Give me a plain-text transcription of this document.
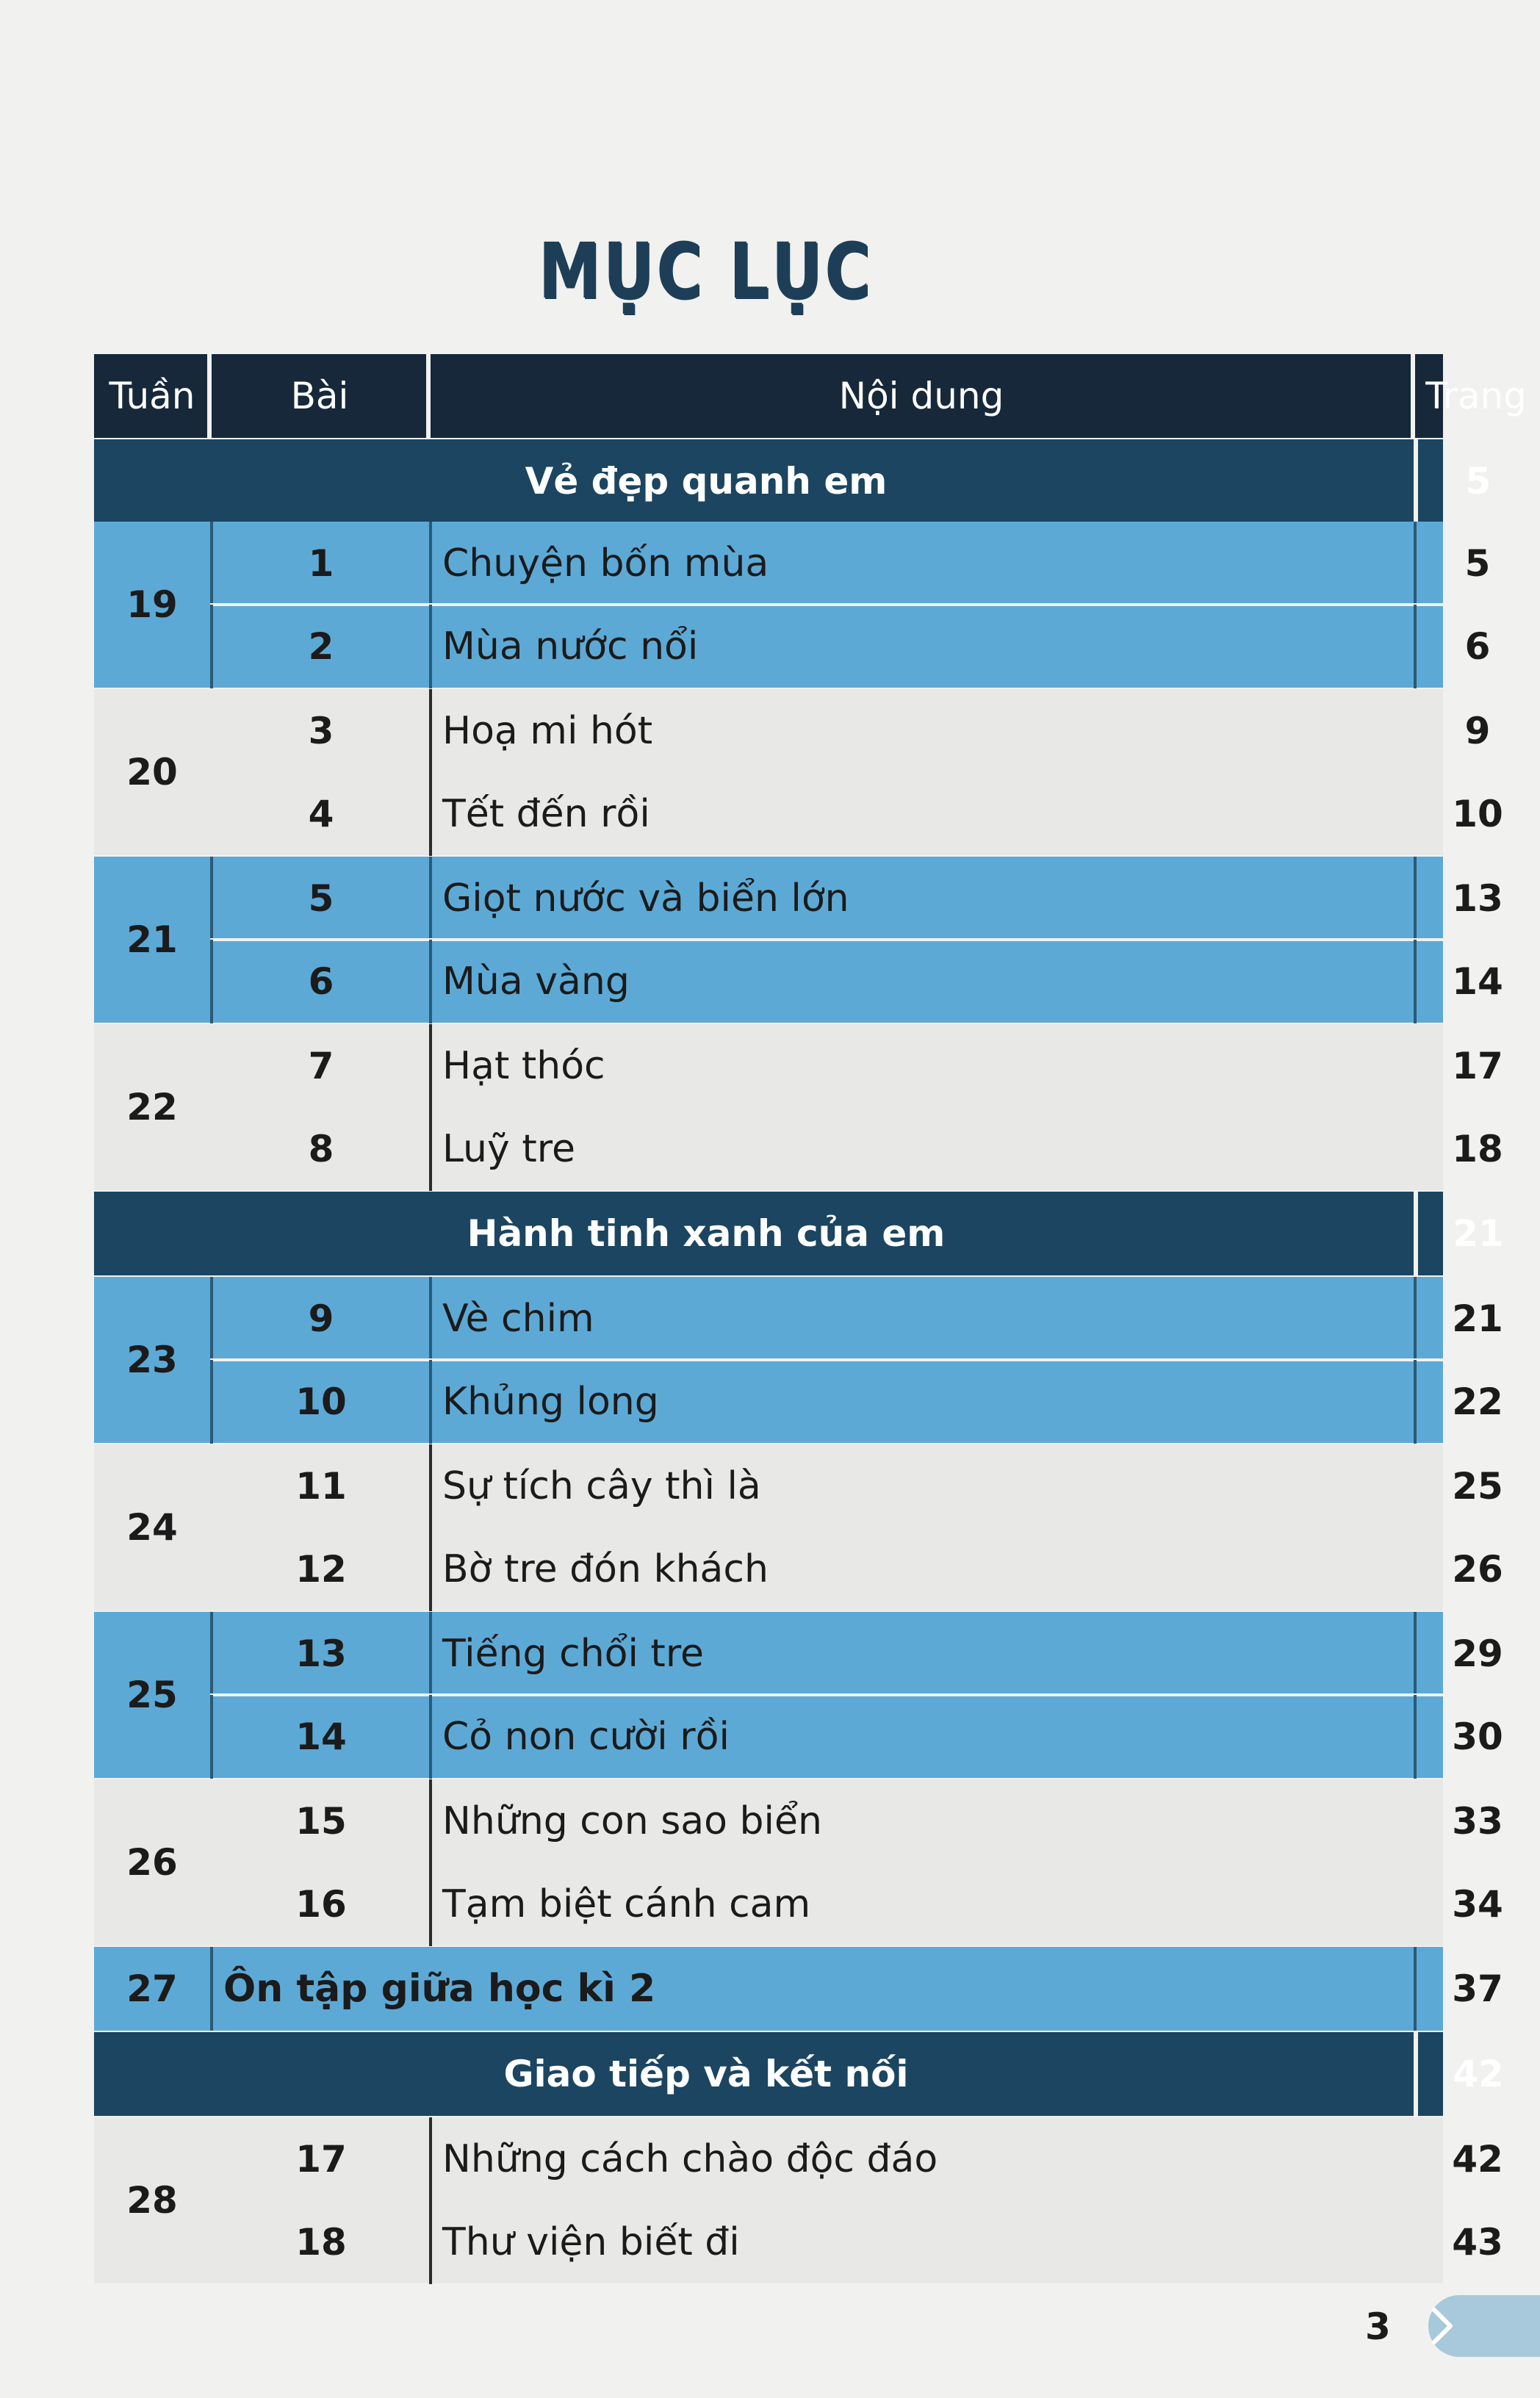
MỤC LỤC
Tuần	Bài	Nội dung	Trang
Vẻ đẹp quanh em	5
19
1	Chuyện bốn mùa	5
2	Mùa nước nổi	6
20
3	Hoạ mi hót	9
4	Tết đến rồi	10
21
5	Giọt nước và biển lớn	13
6	Mùa vàng	14
22
7	Hạt thóc	17
8	Luỹ tre	18
Hành tinh xanh của em	21
23
9	Vè chim	21
10	Khủng long	22
24
11	Sự tích cây thì là	25
12	Bờ tre đón khách	26
25
13	Tiếng chổi tre	29
14	Cỏ non cười rồi	30
26
15	Những con sao biển	33
16	Tạm biệt cánh cam	34
27	Ôn tập giữa học kì 2	37
Giao tiếp và kết nối	42
28
17	Những cách chào độc đáo	42
18	Thư viện biết đi	43
3
